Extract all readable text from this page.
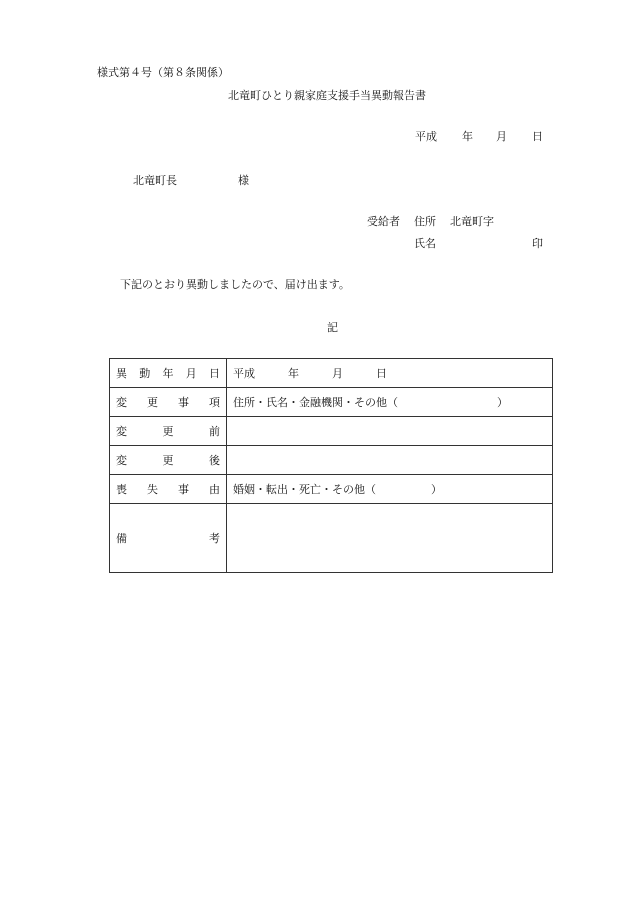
様式第４号（第８条関係）
北竜町ひとり親家庭支援手当異動報告書
平成 年 月 日
北竜町長	様
受給者 住所 北竜町字
氏名	印
下記のとおり異動しましたので、届け出ます。
記
異 動 年 月 日	平成　　　年　　　月　　　日

変 更 事 項	住所・氏名・金融機関・その他（　　　　　　　　　）

変 更 前	

変 更 後	

喪 失 事 由	婚姻・転出・死亡・その他（　　　　　）

備 考	
